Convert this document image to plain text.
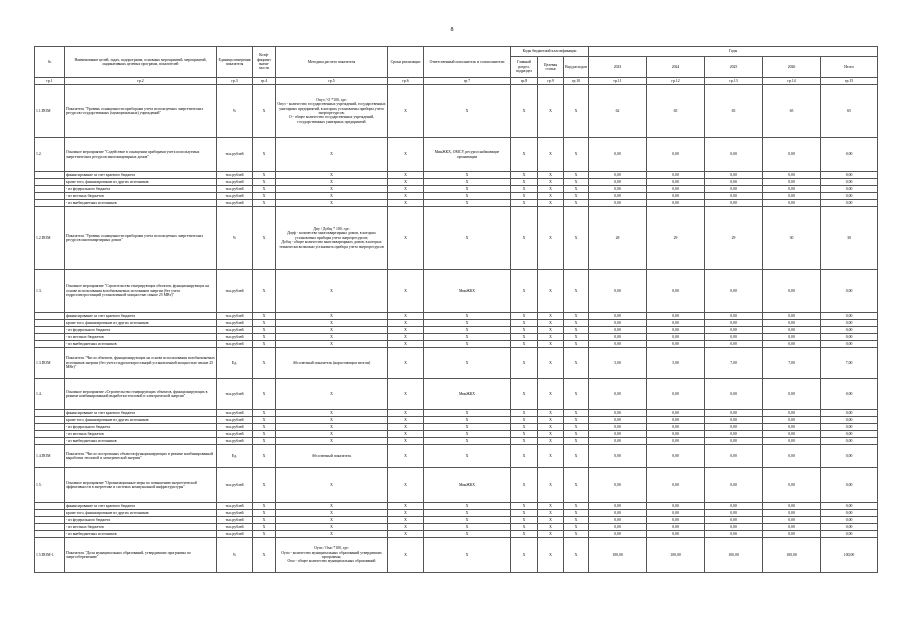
8
№	Наименование целей, задач, подпрограмм, основных мероприятий, мероприятий, индикативных целевых программ, показателей	Единица измерения показателя	Коэф-фициент значи-мости	Методика расчета показателя	Сроки реализации	Ответственный исполнитель и соисполнители	Коды бюджетной классификации			Годы				
							Главный раздел, подраздел	Целевая статья	Вид расходов	2023	2024	2025	2026	Итого
гр.1	гр.2	гр.3	гр.4	гр.5	гр.6	гр.7	гр.8	гр.9	гр.10	гр.11	гр.12	гр.13	гр.14	гр.15
1.1.ПОМ	Показатель "Уровень оснащенности приборами учета используемых энергетических ресурсов государственных (муниципальных) учреждений"	%	X	Опуэ / О *100, где:
Опуэ - количество государственных учреждений, государственных унитарных предприятий, в которых установлены приборы учета энергоресурсов;
О - общее количество государственных учреждений, государственных унитарных предприятий	X	X	X	X	X	62	65	65	65	65
1.2.	Основное мероприятие "Содействие в оснащении приборами учета используемых энергетических ресурсов многоквартирных домов"	тыс.рублей	X	X	X	МинЖКХ, ОМСУ, ресурсоснабжающие организации	X	X	X	0,00	0,00	0,00	0,00	0,00
	финансирование за счет краевого бюджета	тыс.рублей	X	X	X	X	X	X	X	0,00	0,00	0,00	0,00	0,00
	кроме того, финансирование из других источников:	тыс.рублей	X	X	X	X	X	X	X	0,00	0,00	0,00	0,00	0,00
	- из федерального бюджета	тыс.рублей	X	X	X	X	X	X	X	0,00	0,00	0,00	0,00	0,00
	- из местных бюджетов	тыс.рублей	X	X	X	X	X	X	X	0,00	0,00	0,00	0,00	0,00
	- из внебюджетных источников	тыс.рублей	X	X	X	X	X	X	X	0,00	0,00	0,00	0,00	0,00
1.2.ПОМ	Показатель "Уровень оснащенности приборами учета используемых энергетических ресурсов многоквартирных домов"	%	X	Дпу / Добщ * 100, где:
Дпуф - количество многоквартирных домов, в которых установлены приборы учета энергоресурсов;
Добщ - общее количество многоквартирных домов, в которых технически возможно установить прибора учета энергоресурсов	X	X	X	X	X	28	29	29	30	30
1.3.	Основное мероприятие "Строительство генерирующих объектов, функционирующих на основе использования возобновляемых источников энергии (без учета гидроэлектростанций установленной мощностью свыше 25 МВт)"	тыс.рублей	X	X	X	МинЖКХ	X	X	X	0,00	0,00	0,00	0,00	0,00
	финансирование за счет краевого бюджета	тыс.рублей	X	X	X	X	X	X	X	0,00	0,00	0,00	0,00	0,00
	кроме того, финансирование из других источников:	тыс.рублей	X	X	X	X	X	X	X	0,00	0,00	0,00	0,00	0,00
	- из федерального бюджета	тыс.рублей	X	X	X	X	X	X	X	0,00	0,00	0,00	0,00	0,00
	- из местных бюджетов	тыс.рублей	X	X	X	X	X	X	X	0,00	0,00	0,00	0,00	0,00
	- из внебюджетных источников	тыс.рублей	X	X	X	X	X	X	X	0,00	0,00	0,00	0,00	0,00
1.3.ПОМ	Показатель "Число объектов, функционирующих на основе использования возобновляемых источников энергии (без учета гидроэлектростанций установленной мощностью свыше 25 МВт)"	Ед.	X	Абсолютный показатель (нарастающим итогом)	X	X	X	X	X	5,00	5,00	7,00	7,00	7,00
1.4.	Основное мероприятие «Строительство генерирующих объектов, функционирующих в режиме комбинированной выработки тепловой и электрической энергии"	тыс.рублей	X	X	X	МинЖКХ	X	X	X	0,00	0,00	0,00	0,00	0,00
	финансирование за счет краевого бюджета	тыс.рублей	X	X	X	X	X	X	X	0,00	0,00	0,00	0,00	0,00
	кроме того, финансирование из других источников:	тыс.рублей	X	X	X	X	X	X	X	0,00	0,00	0,00	0,00	0,00
	- из федерального бюджета	тыс.рублей	X	X	X	X	X	X	X	0,00	0,00	0,00	0,00	0,00
	- из местных бюджетов	тыс.рублей	X	X	X	X	X	X	X	0,00	0,00	0,00	0,00	0,00
	- из внебюджетных источников	тыс.рублей	X	X	X	X	X	X	X	0,00	0,00	0,00	0,00	0,00
1.4.ПОМ	Показатель "Число построенных объектов функционирующих в режиме комбинированной выработки тепловой и электрической энергии"	Ед.	X	Абсолютный показатель	X	X	X	X	X	0,00	0,00	0,00	0,00	0,00
1.5.	Основное мероприятие "Организационные меры по повышению энергетической эффективности в энергетике и системах коммунальной инфраструктуры"	тыс.рублей	X	X	X	МинЖКХ	X	X	X	0,00	0,00	0,00	0,00	0,00
	финансирование за счет краевого бюджета	тыс.рублей	X	X	X	X	X	X	X	0,00	0,00	0,00	0,00	0,00
	кроме того, финансирование из других источников:	тыс.рублей	X	X	X	X	X	X	X	0,00	0,00	0,00	0,00	0,00
	- из федерального бюджета	тыс.рублей	X	X	X	X	X	X	X	0,00	0,00	0,00	0,00	0,00
	- из местных бюджетов	тыс.рублей	X	X	X	X	X	X	X	0,00	0,00	0,00	0,00	0,00
	- из внебюджетных источников	тыс.рублей	X	X	X	X	X	X	X	0,00	0,00	0,00	0,00	0,00
1.5.ПОМ-1	Показатель "Доля муниципальных образований, утвердивших программы по энергосбережению"	%	X	Оупэ / Омо *100, где:
Оупэ - количество муниципальных образований утвердивших программы;
Омо - общее количество муниципальных образований	X	X	X	X	X	100,00	100,00	100,00	100,00	100,00
